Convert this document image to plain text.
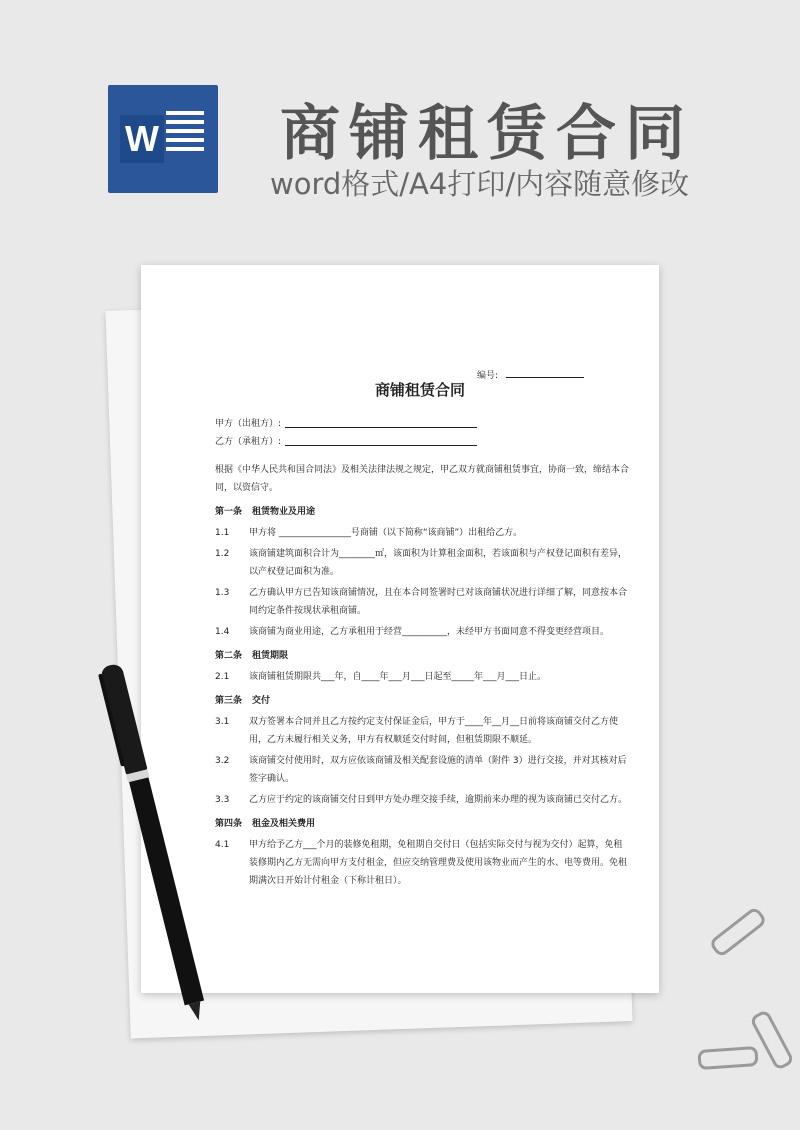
W 商铺租赁合同
word格式/A4打印/内容随意修改
编号:
商铺租赁合同
甲方（出租方）:
乙方（承租方）:
根据《中华人民共和国合同法》及相关法律法规之规定，甲乙双方就商铺租赁事宜，协商一致，缔结本合同，以资信守。
第一条 租赁物业及用途
1.1	甲方将 ________________号商铺（以下简称“该商铺”）出租给乙方。
1.2	该商铺建筑面积合计为________㎡，该面积为计算租金面积，若该面积与产权登记面积有差异，以产权登记面积为准。
1.3	乙方确认甲方已告知该商铺情况，且在本合同签署时已对该商铺状况进行详细了解，同意按本合同约定条件按现状承租商铺。
1.4	该商铺为商业用途，乙方承租用于经营__________，未经甲方书面同意不得变更经营项目。
第二条 租赁期限
2.1	该商铺租赁期限共___年，自____年___月___日起至_____年___月___日止。
第三条 交付
3.1	双方签署本合同并且乙方按约定支付保证金后，甲方于____年__月__日前将该商铺交付乙方使用，乙方未履行相关义务，甲方有权顺延交付时间，但租赁期限不顺延。
3.2	该商铺交付使用时，双方应依该商铺及相关配套设施的清单（附件 3）进行交接，并对其核对后签字确认。
3.3	乙方应于约定的该商铺交付日到甲方处办理交接手续，逾期前来办理的视为该商铺已交付乙方。
第四条 租金及相关费用
4.1	甲方给予乙方___个月的装修免租期，免租期自交付日（包括实际交付与视为交付）起算，免租装修期内乙方无需向甲方支付租金，但应交纳管理费及使用该物业而产生的水、电等费用。免租期满次日开始计付租金（下称计租日）。
